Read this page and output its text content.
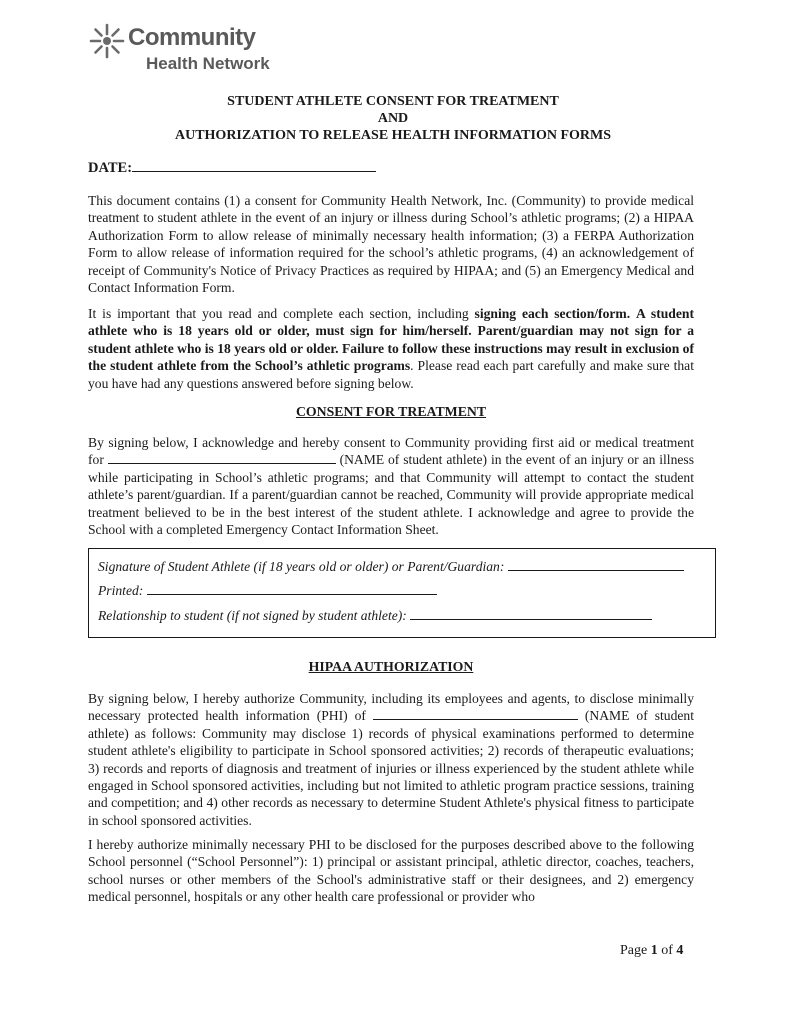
Community
Health Network
STUDENT ATHLETE CONSENT FOR TREATMENT
AND
AUTHORIZATION TO RELEASE HEALTH INFORMATION FORMS
DATE:

This document contains (1) a consent for Community Health Network, Inc. (Community) to provide medical treatment to student athlete in the event of an injury or illness during School’s athletic programs; (2) a HIPAA Authorization Form to allow release of minimally necessary health information; (3) a FERPA Authorization Form to allow release of information required for the school’s athletic programs, (4) an acknowledgement of receipt of Community's Notice of Privacy Practices as required by HIPAA; and (5) an Emergency Medical and Contact Information Form.

It is important that you read and complete each section, including signing each section/form. A student athlete who is 18 years old or older, must sign for him/herself. Parent/guardian may not sign for a student athlete who is 18 years old or older. Failure to follow these instructions may result in exclusion of the student athlete from the School’s athletic programs. Please read each part carefully and make sure that you have had any questions answered before signing below.

CONSENT FOR TREATMENT

By signing below, I acknowledge and hereby consent to Community providing first aid or medical treatment for	(NAME of student athlete) in the event of an injury or an illness while participating in School’s athletic programs; and that Community will attempt to contact the student athlete’s parent/guardian. If a parent/guardian cannot be reached, Community will provide appropriate medical treatment believed to be in the best interest of the student athlete. I acknowledge and agree to provide the School with a completed Emergency Contact Information Sheet.

Signature of Student Athlete (if 18 years old or older) or Parent/Guardian:
Printed:
Relationship to student (if not signed by student athlete):
HIPAA AUTHORIZATION

By signing below, I hereby authorize Community, including its employees and agents, to disclose minimally necessary protected health information (PHI) of	(NAME of student athlete) as follows: Community may disclose 1) records of physical examinations performed to determine student athlete's eligibility to participate in School sponsored activities; 2) records of therapeutic evaluations; 3) records and reports of diagnosis and treatment of injuries or illness experienced by the student athlete while engaged in School sponsored activities, including but not limited to athletic program practice sessions, training and competition; and 4) other records as necessary to determine Student Athlete's physical fitness to participate in school sponsored activities.

I hereby authorize minimally necessary PHI to be disclosed for the purposes described above to the following School personnel (“School Personnel”): 1) principal or assistant principal, athletic director, coaches, teachers, school nurses or other members of the School's administrative staff or their designees, and 2) emergency medical personnel, hospitals or any other health care professional or provider who

Page 1 of 4
